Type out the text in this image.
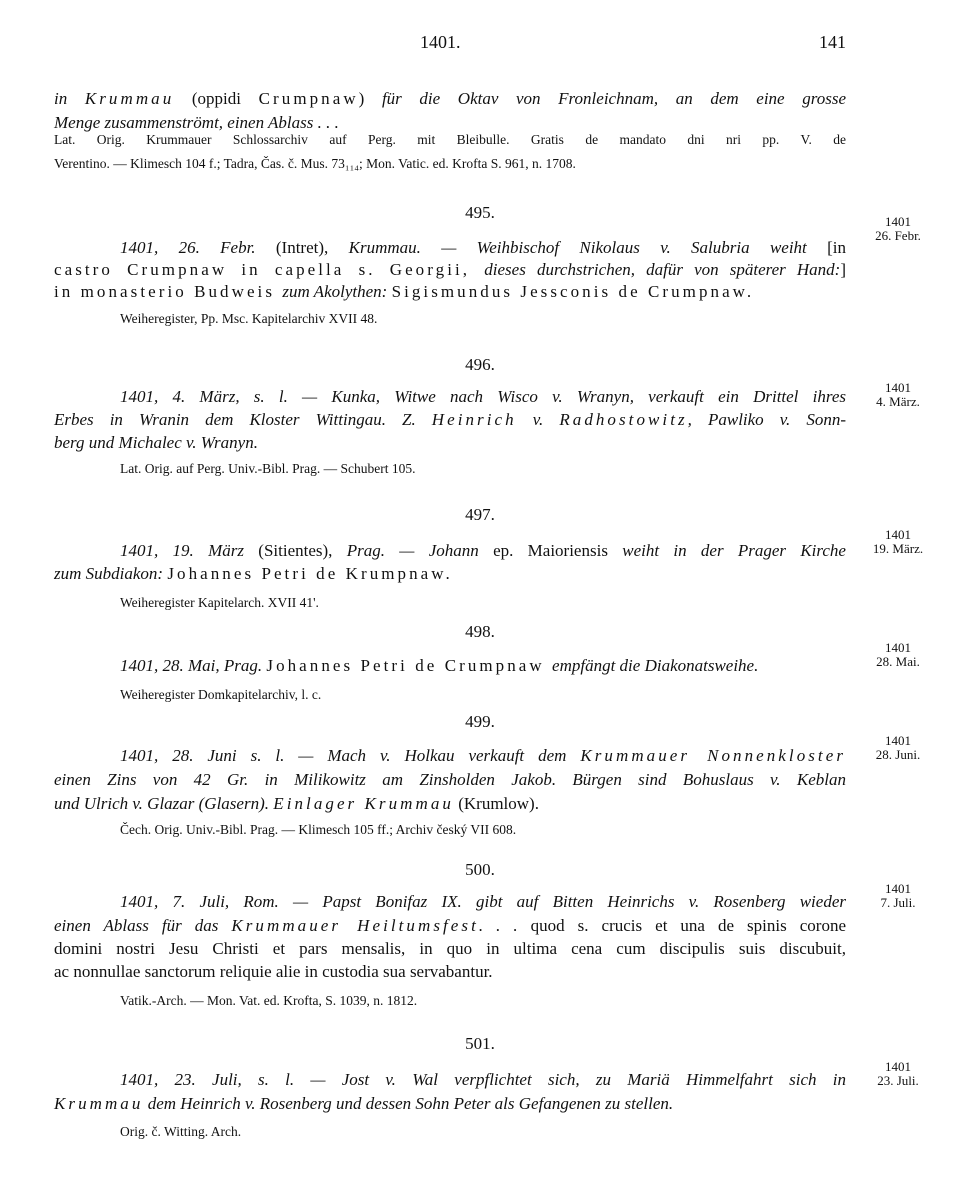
1401.	141
in Krummau (oppidi Crumpnaw) für die Oktav von Fronleichnam, an dem eine grosse
Menge zusammenströmt, einen Ablass . . .
Lat. Orig. Krummauer Schlossarchiv auf Perg. mit Bleibulle. Gratis de mandato dni nri pp. V. de
Verentino. — Klimesch 104 f.; Tadra, Čas. č. Mus. 73₁₁₄; Mon. Vatic. ed. Krofta S. 961, n. 1708.
495.	1401
26. Febr.
1401, 26. Febr. (Intret), Krummau. — Weihbischof Nikolaus v. Salubria weiht [in
castro Crumpnaw in capella s. Georgii, dieses durchstrichen, dafür von späterer Hand:]
in monasterio Budweis zum Akolythen: Sigismundus Jessconis de Crumpnaw.
Weiheregister, Pp. Msc. Kapitelarchiv XVII 48.
496.
1401
4. März.
1401, 4. März, s. l. — Kunka, Witwe nach Wisco v. Wranyn, verkauft ein Drittel ihres
Erbes in Wranin dem Kloster Wittingau. Z. Heinrich v. Radhostowitz, Pawliko v. Sonn-
berg und Michalec v. Wranyn.
Lat. Orig. auf Perg. Univ.-Bibl. Prag. — Schubert 105.
497.
1401
19. März.
1401, 19. März (Sitientes), Prag. — Johann ep. Maioriensis weiht in der Prager Kirche
zum Subdiakon: Johannes Petri de Krumpnaw.
Weiheregister Kapitelarch. XVII 41'.
498.
1401
28. Mai.
1401, 28. Mai, Prag. Johannes Petri de Crumpnaw empfängt die Diakonatsweihe.
Weiheregister Domkapitelarchiv, l. c.
499.
1401
28. Juni.
1401, 28. Juni s. l. — Mach v. Holkau verkauft dem Krummauer Nonnenkloster
einen Zins von 42 Gr. in Milikowitz am Zinsholden Jakob. Bürgen sind Bohuslaus v. Keblan
und Ulrich v. Glazar (Glasern). Einlager Krummau (Krumlow).
Čech. Orig. Univ.-Bibl. Prag. — Klimesch 105 ff.; Archiv český VII 608.
500.
1401
7. Juli.
1401, 7. Juli, Rom. — Papst Bonifaz IX. gibt auf Bitten Heinrichs v. Rosenberg wieder
einen Ablass für das Krummauer Heiltumsfest. . . quod s. crucis et una de spinis corone
domini nostri Jesu Christi et pars mensalis, in quo in ultima cena cum discipulis suis discubuit,
ac nonnullae sanctorum reliquie alie in custodia sua servabantur.
Vatik.-Arch. — Mon. Vat. ed. Krofta, S. 1039, n. 1812.
501.
1401
23. Juli.
1401, 23. Juli, s. l. — Jost v. Wal verpflichtet sich, zu Mariä Himmelfahrt sich in
Krummau dem Heinrich v. Rosenberg und dessen Sohn Peter als Gefangenen zu stellen.
Orig. č. Witting. Arch.
